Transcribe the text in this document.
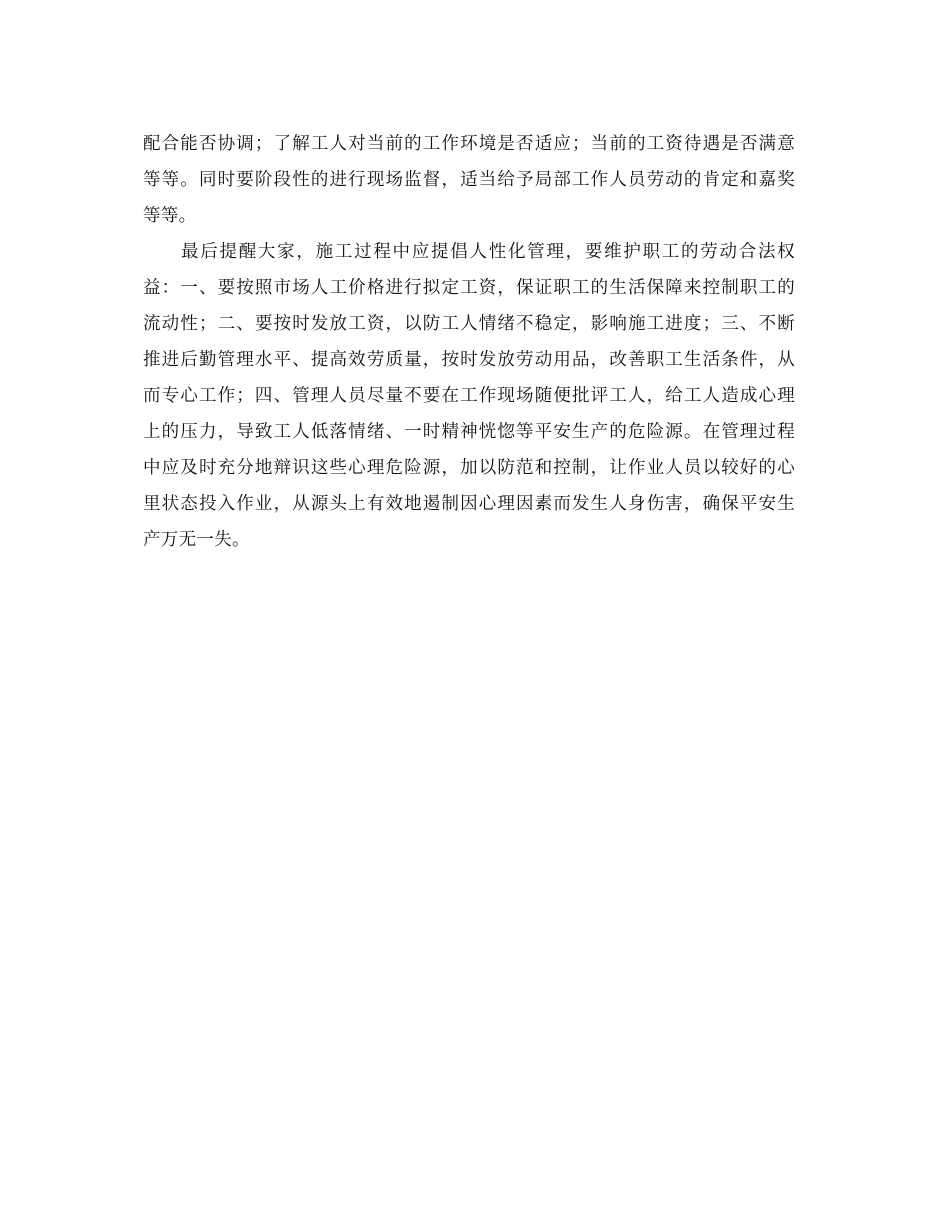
配合能否协调；了解工人对当前的工作环境是否适应；当前的工资待遇是否满意
等等。同时要阶段性的进行现场监督，适当给予局部工作人员劳动的肯定和嘉奖
等等。
最后提醒大家，施工过程中应提倡人性化管理，要维护职工的劳动合法权
益：一、要按照市场人工价格进行拟定工资，保证职工的生活保障来控制职工的
流动性；二、要按时发放工资，以防工人情绪不稳定，影响施工进度；三、不断
推进后勤管理水平、提高效劳质量，按时发放劳动用品，改善职工生活条件，从
而专心工作；四、管理人员尽量不要在工作现场随便批评工人，给工人造成心理
上的压力，导致工人低落情绪、一时精神恍惚等平安生产的危险源。在管理过程
中应及时充分地辩识这些心理危险源，加以防范和控制，让作业人员以较好的心
里状态投入作业，从源头上有效地遏制因心理因素而发生人身伤害，确保平安生
产万无一失。
